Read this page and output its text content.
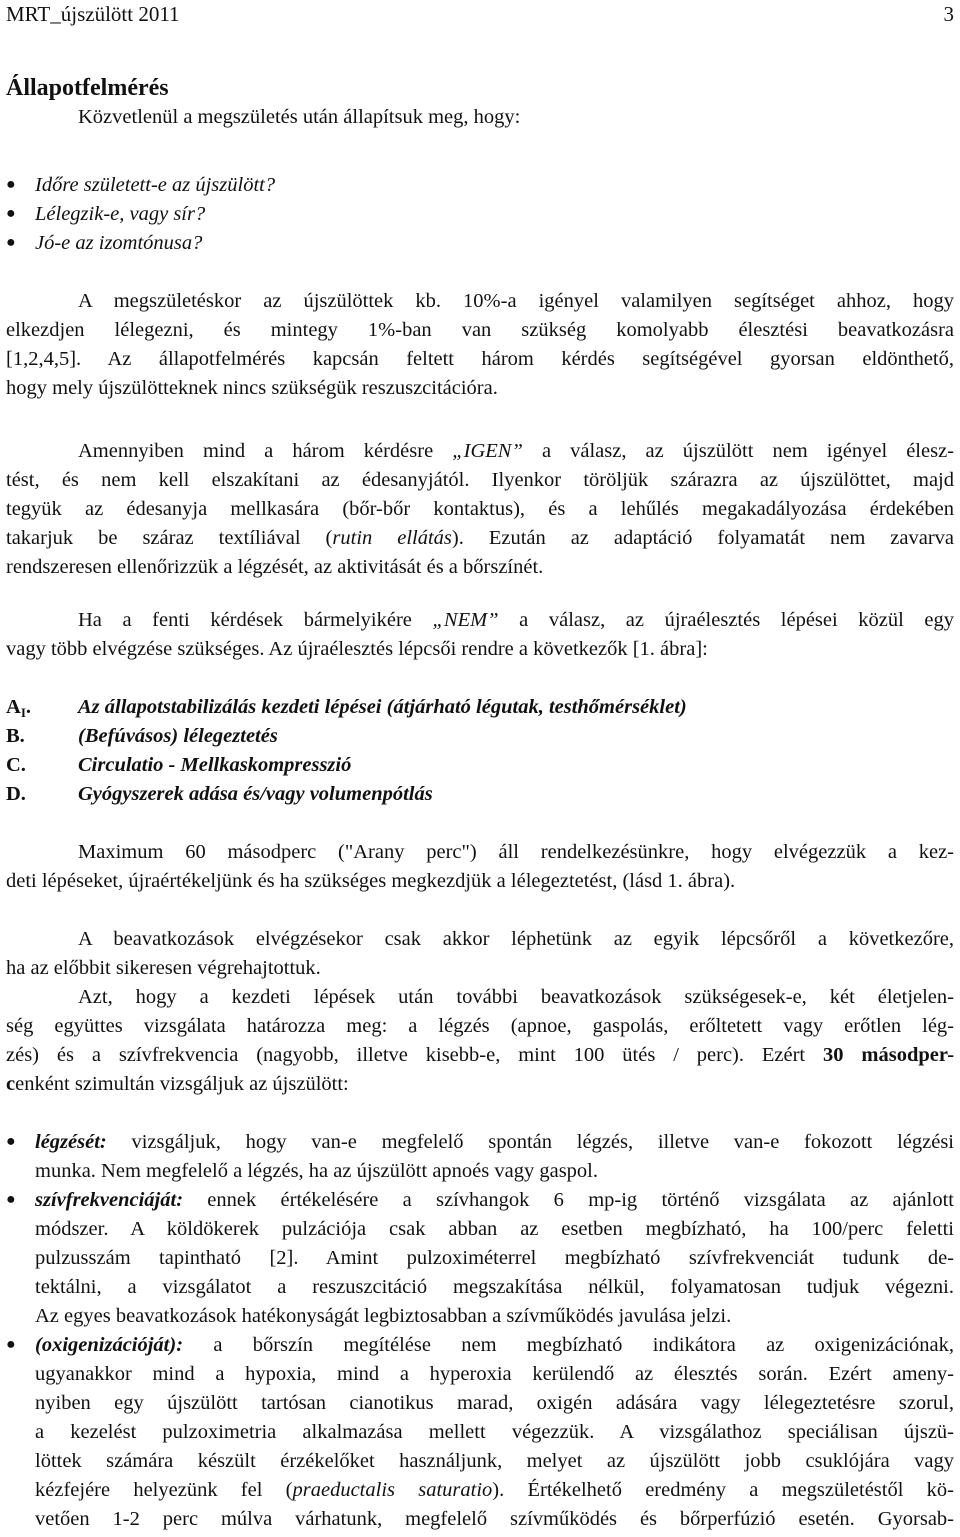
MRT_újszülött 2011	3
Állapotfelmérés
Közvetlenül a megszületés után állapítsuk meg, hogy:
● Időre született-e az újszülött?
● Lélegzik-e, vagy sír?
● Jó-e az izomtónusa?
A megszületéskor az újszülöttek kb. 10%-a igényel valamilyen segítséget ahhoz, hogy
elkezdjen lélegezni, és mintegy 1%-ban van szükség komolyabb élesztési beavatkozásra
[1,2,4,5]. Az állapotfelmérés kapcsán feltett három kérdés segítségével gyorsan eldönthető,
hogy mely újszülötteknek nincs szükségük reszuszcitációra.
Amennyiben mind a három kérdésre „IGEN” a válasz, az újszülött nem igényel élesz-
tést, és nem kell elszakítani az édesanyjától. Ilyenkor töröljük szárazra az újszülöttet, majd
tegyük az édesanyja mellkasára (bőr-bőr kontaktus), és a lehűlés megakadályozása érdekében
takarjuk be száraz textíliával (rutin ellátás). Ezután az adaptáció folyamatát nem zavarva
rendszeresen ellenőrizzük a légzését, az aktivitását és a bőrszínét.
Ha a fenti kérdések bármelyikére „NEM” a válasz, az újraélesztés lépései közül egy
vagy több elvégzése szükséges. Az újraélesztés lépcsői rendre a következők [1. ábra]:
$A_I$.	Az állapotstabilizálás kezdeti lépései (átjárható légutak, testhőmérséklet)
B.	(Befúvásos) lélegeztetés
C.	Circulatio - Mellkaskompresszió
D.	Gyógyszerek adása és/vagy volumenpótlás
Maximum 60 másodperc ("Arany perc") áll rendelkezésünkre, hogy elvégezzük a kez-
deti lépéseket, újraértékeljünk és ha szükséges megkezdjük a lélegeztetést, (lásd 1. ábra).
A beavatkozások elvégzésekor csak akkor léphetünk az egyik lépcsőről a következőre,
ha az előbbit sikeresen végrehajtottuk.
Azt, hogy a kezdeti lépések után további beavatkozások szükségesek-e, két életjelen-
ség együttes vizsgálata határozza meg: a légzés (apnoe, gaspolás, erőltetett vagy erőtlen lég-
zés) és a szívfrekvencia (nagyobb, illetve kisebb-e, mint 100 ütés / perc). Ezért 30 másodper-
cenként szimultán vizsgáljuk az újszülött:
● légzését: vizsgáljuk, hogy van-e megfelelő spontán légzés, illetve van-e fokozott légzési
munka. Nem megfelelő a légzés, ha az újszülött apnoés vagy gaspol.
● szívfrekvenciáját: ennek értékelésére a szívhangok 6 mp-ig történő vizsgálata az ajánlott
módszer. A köldökerek pulzációja csak abban az esetben megbízható, ha 100/perc feletti
pulzusszám tapintható [2]. Amint pulzoximéterrel megbízható szívfrekvenciát tudunk de-
tektálni, a vizsgálatot a reszuszcitáció megszakítása nélkül, folyamatosan tudjuk végezni.
Az egyes beavatkozások hatékonyságát legbiztosabban a szívműködés javulása jelzi.
● (oxigenizációját): a bőrszín megítélése nem megbízható indikátora az oxigenizációnak,
ugyanakkor mind a hypoxia, mind a hyperoxia kerülendő az élesztés során. Ezért ameny-
nyiben egy újszülött tartósan cianotikus marad, oxigén adására vagy lélegeztetésre szorul,
a kezelést pulzoximetria alkalmazása mellett végezzük. A vizsgálathoz speciálisan újszü-
löttek számára készült érzékelőket használjunk, melyet az újszülött jobb csuklójára vagy
kézfejére helyezünk fel (praeductalis saturatio). Értékelhető eredmény a megszületéstől kö-
vetően 1-2 perc múlva várhatunk, megfelelő szívműködés és bőrperfúzió esetén. Gyorsab-
